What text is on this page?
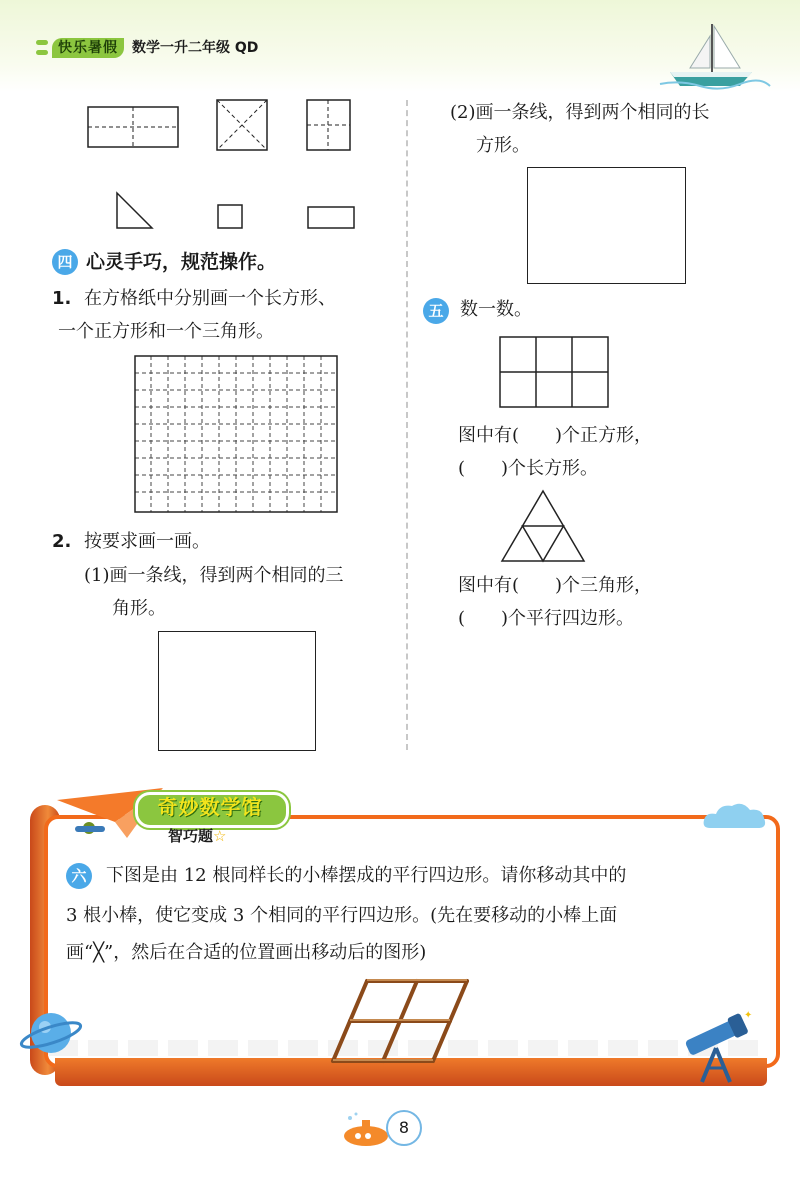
快乐暑假 数学一升二年级 QD
四 心灵手巧，规范操作。
1. 在方格纸中分别画一个长方形、
一个正方形和一个三角形。
2. 按要求画一画。
(1)画一条线，得到两个相同的三
角形。
(2)画一条线，得到两个相同的长
方形。
五 数一数。
图中有(　　)个正方形，
(　　)个长方形。
图中有(　　)个三角形，
(　　)个平行四边形。
奇妙数学馆
智巧题☆
六	下图是由 12 根同样长的小棒摆成的平行四边形。请你移动其中的
3 根小棒，使它变成 3 个相同的平行四边形。(先在要移动的小棒上面
画“╳”，然后在合适的位置画出移动后的图形)
✦
8
